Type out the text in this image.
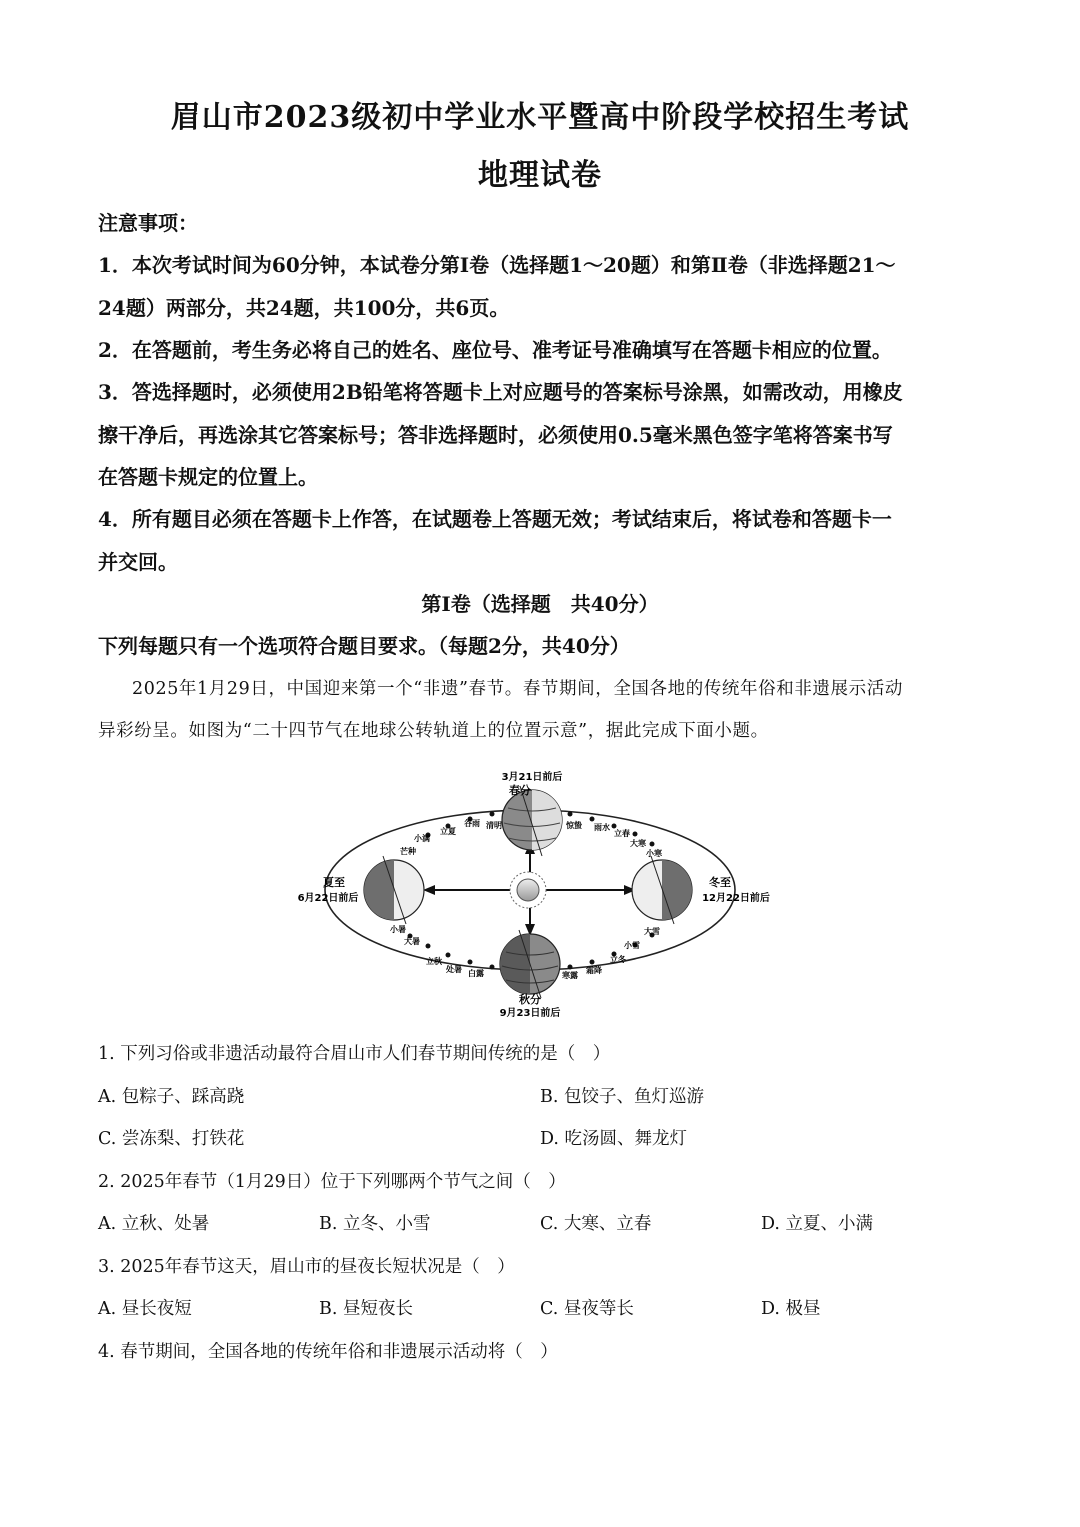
眉山市2023级初中学业水平暨高中阶段学校招生考试
地理试卷
注意事项：
1．本次考试时间为60分钟，本试卷分第Ⅰ卷（选择题1～20题）和第Ⅱ卷（非选择题21～
24题）两部分，共24题，共100分，共6页。
2．在答题前，考生务必将自己的姓名、座位号、准考证号准确填写在答题卡相应的位置。
3．答选择题时，必须使用2B铅笔将答题卡上对应题号的答案标号涂黑，如需改动，用橡皮
擦干净后，再选涂其它答案标号；答非选择题时，必须使用0.5毫米黑色签字笔将答案书写
在答题卡规定的位置上。
4．所有题目必须在答题卡上作答，在试题卷上答题无效；考试结束后，将试卷和答题卡一
并交回。
第Ⅰ卷（选择题　共40分）
下列每题只有一个选项符合题目要求。（每题2分，共40分）
2025年1月29日，中国迎来第一个“非遗”春节。春节期间，全国各地的传统年俗和非遗展示活动
异彩纷呈。如图为“二十四节气在地球公转轨道上的位置示意”，据此完成下面小题。
3月21日前后
春分
夏至
6月22日前后
冬至
12月22日前后
秋分
9月23日前后
清明
谷雨
立夏
小满
芒种
惊蛰 雨水
立春
大寒
小寒
小暑
大暑
立秋
处暑 白露	寒露
霜降
立冬
小雪
大雪
1. 下列习俗或非遗活动最符合眉山市人们春节期间传统的是（　）
A. 包粽子、踩高跷	B. 包饺子、鱼灯巡游
C. 尝冻梨、打铁花	D. 吃汤圆、舞龙灯
2. 2025年春节（1月29日）位于下列哪两个节气之间（　）
A. 立秋、处暑	B. 立冬、小雪	C. 大寒、立春	D. 立夏、小满
3. 2025年春节这天，眉山市的昼夜长短状况是（　）
A. 昼长夜短	B. 昼短夜长	C. 昼夜等长	D. 极昼
4. 春节期间，全国各地的传统年俗和非遗展示活动将（　）
